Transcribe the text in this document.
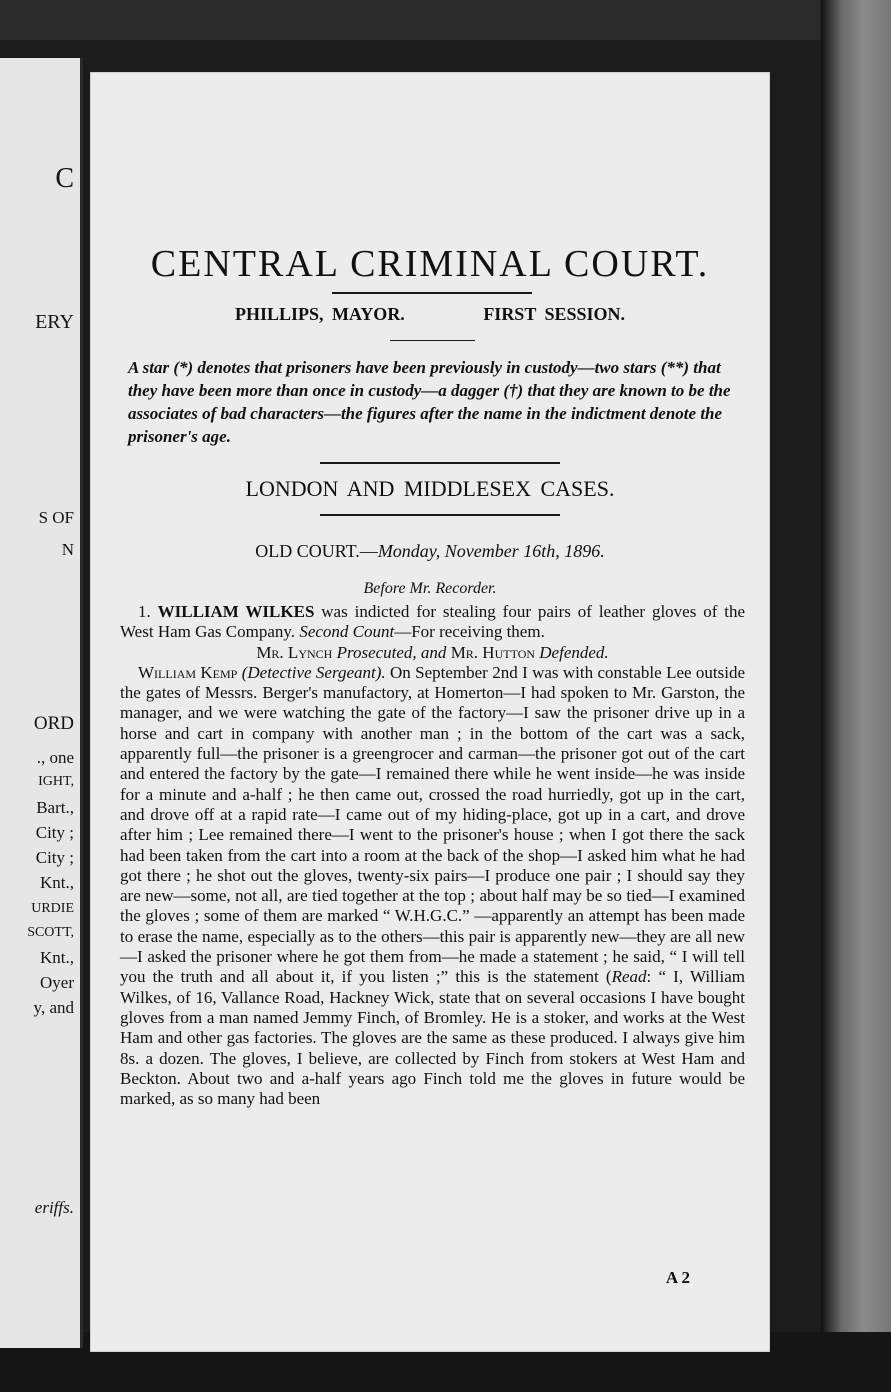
C
ERY
S OF
N
ORD
., one
IGHT,
Bart.,
City ;
City ;
Knt.,
URDIE
SCOTT,
Knt.,
Oyer
y, and
eriffs.
CENTRAL CRIMINAL COURT.
PHILLIPS, MAYOR.	FIRST SESSION.
A star (*) denotes that prisoners have been previously in custody—two stars (**) that they have been more than once in custody—a dagger (†) that they are known to be the associates of bad characters—the figures after the name in the indictment denote the prisoner's age.
LONDON AND MIDDLESEX CASES.
OLD COURT.—Monday, November 16th, 1896.
Before Mr. Recorder.

1. WILLIAM WILKES was indicted for stealing four pairs of leather gloves of the West Ham Gas Company. Second Count—For receiving them.

Mr. Lynch Prosecuted, and Mr. Hutton Defended.

William Kemp (Detective Sergeant). On September 2nd I was with constable Lee outside the gates of Messrs. Berger's manufactory, at Homerton—I had spoken to Mr. Garston, the manager, and we were watching the gate of the factory—I saw the prisoner drive up in a horse and cart in company with another man ; in the bottom of the cart was a sack, apparently full—the prisoner is a greengrocer and carman—the prisoner got out of the cart and entered the factory by the gate—I remained there while he went inside—he was inside for a minute and a-half ; he then came out, crossed the road hurriedly, got up in the cart, and drove off at a rapid rate—I came out of my hiding-place, got up in a cart, and drove after him ; Lee remained there—I went to the prisoner's house ; when I got there the sack had been taken from the cart into a room at the back of the shop—I asked him what he had got there ; he shot out the gloves, twenty-six pairs—I produce one pair ; I should say they are new—some, not all, are tied together at the top ; about half may be so tied—I examined the gloves ; some of them are marked “ W.H.G.C.” —apparently an attempt has been made to erase the name, especially as to the others—this pair is apparently new—they are all new—I asked the prisoner where he got them from—he made a statement ; he said, “ I will tell you the truth and all about it, if you listen ;” this is the statement (Read: “ I, William Wilkes, of 16, Vallance Road, Hackney Wick, state that on several occasions I have bought gloves from a man named Jemmy Finch, of Bromley. He is a stoker, and works at the West Ham and other gas factories. The gloves are the same as these produced. I always give him 8s. a dozen. The gloves, I believe, are collected by Finch from stokers at West Ham and Beckton. About two and a-half years ago Finch told me the gloves in future would be marked, as so many had been

A 2
